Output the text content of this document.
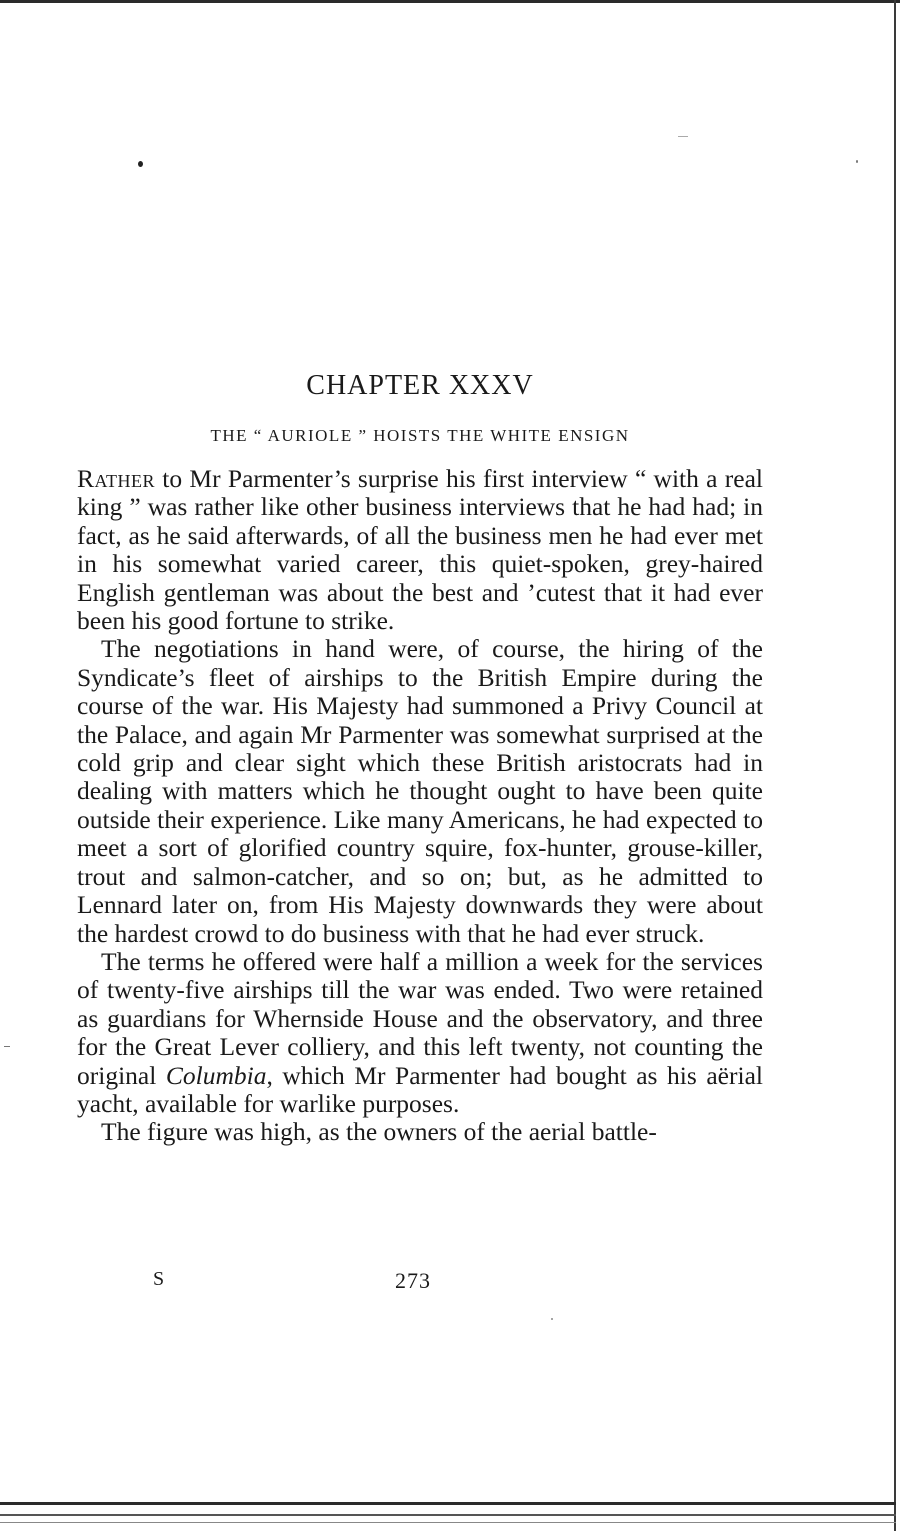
CHAPTER XXXV
THE “ AURIOLE ” HOISTS THE WHITE ENSIGN

Rather to Mr Parmenter’s surprise his first interview “ with a real king ” was rather like other business interviews that he had had; in fact, as he said afterwards, of all the business men he had ever met in his somewhat varied career, this quiet-spoken, grey-haired English gentleman was about the best and ’cutest that it had ever been his good fortune to strike.

The negotiations in hand were, of course, the hiring of the Syndicate’s fleet of airships to the British Empire during the course of the war. His Majesty had summoned a Privy Council at the Palace, and again Mr Parmenter was somewhat surprised at the cold grip and clear sight which these British aristocrats had in dealing with matters which he thought ought to have been quite outside their experience. Like many Americans, he had expected to meet a sort of glorified country squire, fox-hunter, grouse-killer, trout and salmon-catcher, and so on; but, as he admitted to Lennard later on, from His Majesty downwards they were about the hardest crowd to do business with that he had ever struck.

The terms he offered were half a million a week for the services of twenty-five airships till the war was ended. Two were retained as guardians for Whernside House and the observatory, and three for the Great Lever colliery, and this left twenty, not counting the original Columbia, which Mr Parmenter had bought as his aërial yacht, available for warlike purposes.

The figure was high, as the owners of the aerial battle-

S	273
